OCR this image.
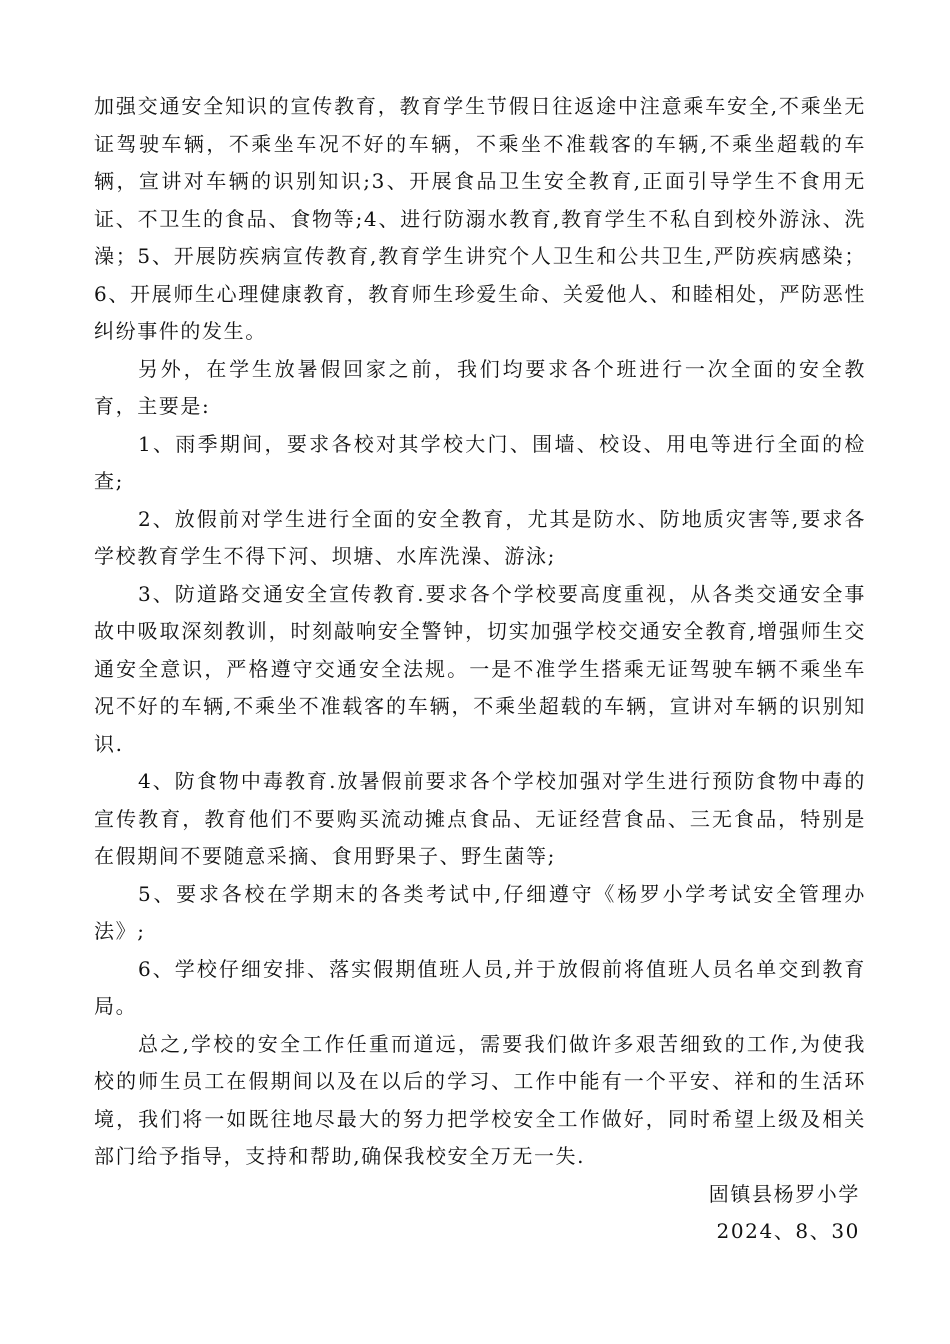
加强交通安全知识的宣传教育，教育学生节假日往返途中注意乘车安全,不乘坐无证驾驶车辆，不乘坐车况不好的车辆，不乘坐不准载客的车辆,不乘坐超载的车辆，宣讲对车辆的识别知识;3、开展食品卫生安全教育,正面引导学生不食用无证、不卫生的食品、食物等;4、进行防溺水教育,教育学生不私自到校外游泳、洗澡；5、开展防疾病宣传教育,教育学生讲究个人卫生和公共卫生,严防疾病感染；6、开展师生心理健康教育，教育师生珍爱生命、关爱他人、和睦相处，严防恶性纠纷事件的发生。

另外，在学生放暑假回家之前，我们均要求各个班进行一次全面的安全教育，主要是:

1、雨季期间，要求各校对其学校大门、围墙、校设、用电等进行全面的检查;

2、放假前对学生进行全面的安全教育，尤其是防水、防地质灾害等,要求各学校教育学生不得下河、坝塘、水库洗澡、游泳;

3、防道路交通安全宣传教育.要求各个学校要高度重视，从各类交通安全事故中吸取深刻教训，时刻敲响安全警钟，切实加强学校交通安全教育,增强师生交通安全意识，严格遵守交通安全法规。一是不准学生搭乘无证驾驶车辆不乘坐车况不好的车辆,不乘坐不准载客的车辆，不乘坐超载的车辆，宣讲对车辆的识别知识.

4、防食物中毒教育.放暑假前要求各个学校加强对学生进行预防食物中毒的宣传教育，教育他们不要购买流动摊点食品、无证经营食品、三无食品，特别是在假期间不要随意采摘、食用野果子、野生菌等;

5、要求各校在学期末的各类考试中,仔细遵守《杨罗小学考试安全管理办法》;

6、学校仔细安排、落实假期值班人员,并于放假前将值班人员名单交到教育局。

总之,学校的安全工作任重而道远，需要我们做许多艰苦细致的工作,为使我校的师生员工在假期间以及在以后的学习、工作中能有一个平安、祥和的生活环境，我们将一如既往地尽最大的努力把学校安全工作做好，同时希望上级及相关部门给予指导，支持和帮助,确保我校安全万无一失.

固镇县杨罗小学

2024、8、30
